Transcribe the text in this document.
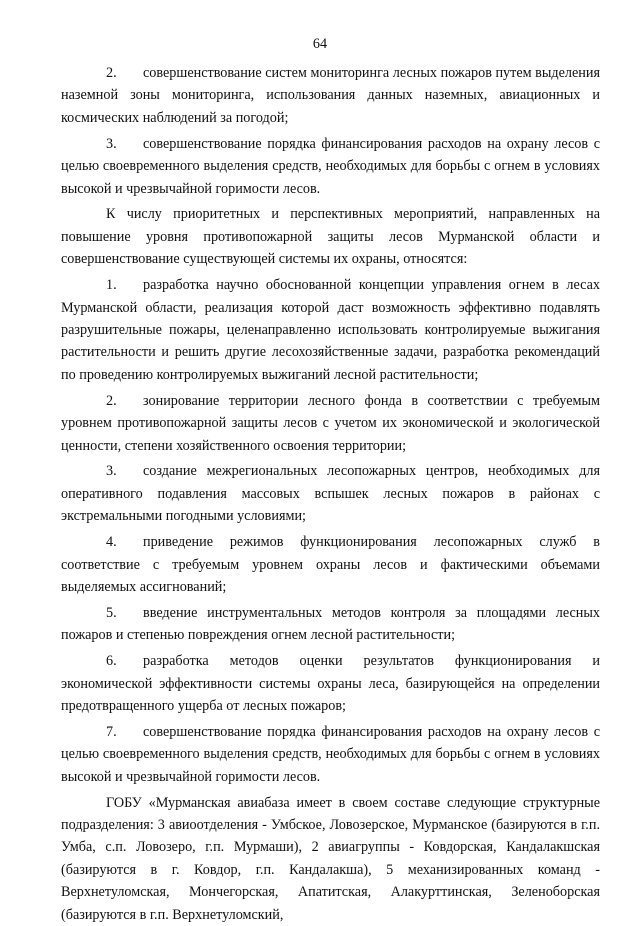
64

2. совершенствование систем мониторинга лесных пожаров путем выделения наземной зоны мониторинга, использования данных наземных, авиационных и космических наблюдений за погодой;

3. совершенствование порядка финансирования расходов на охрану лесов с целью своевременного выделения средств, необходимых для борьбы с огнем в условиях высокой и чрезвычайной горимости лесов.

К числу приоритетных и перспективных мероприятий, направленных на повышение уровня противопожарной защиты лесов Мурманской области и совершенствование существующей системы их охраны, относятся:

1. разработка научно обоснованной концепции управления огнем в лесах Мурманской области, реализация которой даст возможность эффективно подавлять разрушительные пожары, целенаправленно использовать контролируемые выжигания растительности и решить другие лесохозяйственные задачи, разработка рекомендаций по проведению контролируемых выжиганий лесной растительности;

2. зонирование территории лесного фонда в соответствии с требуемым уровнем противопожарной защиты лесов с учетом их экономической и экологической ценности, степени хозяйственного освоения территории;

3. создание межрегиональных лесопожарных центров, необходимых для оперативного подавления массовых вспышек лесных пожаров в районах с экстремальными погодными условиями;

4. приведение режимов функционирования лесопожарных служб в соответствие с требуемым уровнем охраны лесов и фактическими объемами выделяемых ассигнований;

5. введение инструментальных методов контроля за площадями лесных пожаров и степенью повреждения огнем лесной растительности;

6. разработка методов оценки результатов функционирования и экономической эффективности системы охраны леса, базирующейся на определении предотвращенного ущерба от лесных пожаров;

7. совершенствование порядка финансирования расходов на охрану лесов с целью своевременного выделения средств, необходимых для борьбы с огнем в условиях высокой и чрезвычайной горимости лесов.

ГОБУ «Мурманская авиабаза имеет в своем составе следующие структурные подразделения: 3 авиоотделения - Умбское, Ловозерское, Мурманское (базируются в г.п. Умба, с.п. Ловозеро, г.п. Мурмаши), 2 авиагруппы - Ковдорская, Кандалакшская (базируются в г. Ковдор, г.п. Кандалакша), 5 механизированных команд - Верхнетуломская, Мончегорская, Апатитская, Алакурттинская, Зеленоборская (базируются в г.п. Верхнетуломский,
